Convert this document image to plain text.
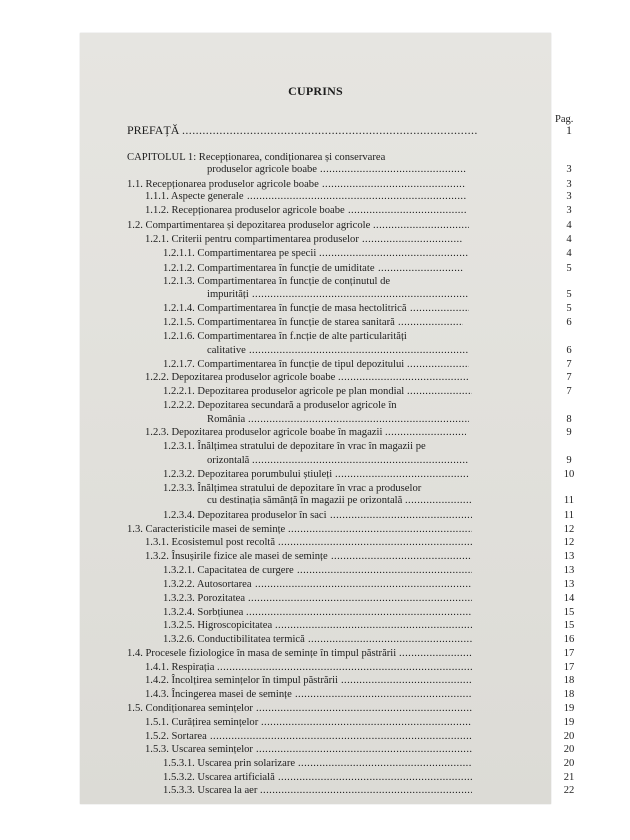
CUPRINS
Pag.
PREFAȚĂ .....	1
CAPITOLUL 1: Recepționarea, condiționarea și conservarea
produselor agricole boabe .....	3
1.1. Recepționarea produselor agricole boabe .....	3
1.1.1. Aspecte generale .....	3
1.1.2. Recepționarea produselor agricole boabe .....	3
1.2. Compartimentarea și depozitarea produselor agricole .....	4
1.2.1. Criterii pentru compartimentarea produselor .....	4
1.2.1.1. Compartimentarea pe specii .....	4
1.2.1.2. Compartimentarea în funcție de umiditate .....	5
1.2.1.3. Compartimentarea în funcție de conținutul de
impurități .....	5
1.2.1.4. Compartimentarea în funcție de masa hectolitrică .....	5
1.2.1.5. Compartimentarea în funcție de starea sanitară .....	6
1.2.1.6. Compartimentarea în f.ncție de alte particularități
calitative .....	6
1.2.1.7. Compartimentarea în funcție de tipul depozitului .....	7
1.2.2. Depozitarea produselor agricole boabe .....	7
1.2.2.1. Depozitarea produselor agricole pe plan mondial .....	7
1.2.2.2. Depozitarea secundară a produselor agricole în
România .....	8
1.2.3. Depozitarea produselor agricole boabe în magazii .....	9
1.2.3.1. Înălțimea stratului de depozitare în vrac în magazii pe
orizontală .....	9
1.2.3.2. Depozitarea porumbului știuleți .....	10
1.2.3.3. Înălțimea stratului de depozitare în vrac a produselor
cu destinația sămânță în magazii pe orizontală .....	11
1.2.3.4. Depozitarea produselor în saci .....	11
1.3. Caracteristicile masei de semințe .....	12
1.3.1. Ecosistemul post recoltă .....	12
1.3.2. Însușirile fizice ale masei de semințe .....	13
1.3.2.1. Capacitatea de curgere .....	13
1.3.2.2. Autosortarea .....	13
1.3.2.3. Porozitatea .....	14
1.3.2.4. Sorbțiunea .....	15
1.3.2.5. Higroscopicitatea .....	15
1.3.2.6. Conductibilitatea termică .....	16
1.4. Procesele fiziologice în masa de semințe în timpul păstrării .....	17
1.4.1. Respirația .....	17
1.4.2. Încolțirea semințelor în timpul păstrării .....	18
1.4.3. Încingerea masei de semințe .....	18
1.5. Condiționarea semințelor .....	19
1.5.1. Curățirea semințelor .....	19
1.5.2. Sortarea .....	20
1.5.3. Uscarea semințelor .....	20
1.5.3.1. Uscarea prin solarizare .....	20
1.5.3.2. Uscarea artificială .....	21
1.5.3.3. Uscarea la aer .....	22
